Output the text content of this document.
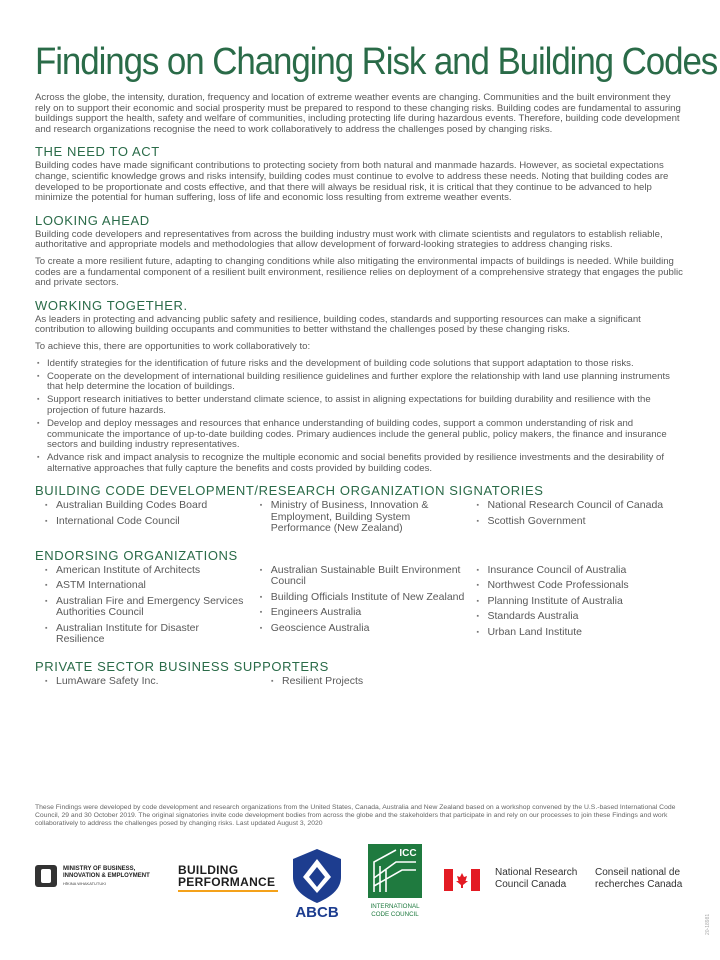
Findings on Changing Risk and Building Codes

Across the globe, the intensity, duration, frequency and location of extreme weather events are changing. Communities and the built environment they rely on to support their economic and social prosperity must be prepared to respond to these changing risks. Building codes are fundamental to assuring buildings support the health, safety and welfare of communities, including protecting life during hazardous events. Therefore, building code development and research organizations recognise the need to work collaboratively to address the challenges posed by changing risks.

THE NEED TO ACT

Building codes have made significant contributions to protecting society from both natural and manmade hazards. However, as societal expectations change, scientific knowledge grows and risks intensify, building codes must continue to evolve to address these needs. Noting that building codes are developed to be proportionate and costs effective, and that there will always be residual risk, it is critical that they continue to be advanced to help minimize the potential for human suffering, loss of life and economic loss resulting from extreme weather events.

LOOKING AHEAD

Building code developers and representatives from across the building industry must work with climate scientists and regulators to establish reliable, authoritative and appropriate models and methodologies that allow development of forward-looking strategies to address changing risks.

To create a more resilient future, adapting to changing conditions while also mitigating the environmental impacts of buildings is needed. While building codes are a fundamental component of a resilient built environment, resilience relies on deployment of a comprehensive strategy that engages the public and private sectors.

WORKING TOGETHER.

As leaders in protecting and advancing public safety and resilience, building codes, standards and supporting resources can make a significant contribution to allowing building occupants and communities to better withstand the challenges posed by these changing risks.

To achieve this, there are opportunities to work collaboratively to:

▪ Identify strategies for the identification of future risks and the development of building code solutions that support adaptation to those risks.
▪ Cooperate on the development of international building resilience guidelines and further explore the relationship with land use planning instruments that help determine the location of buildings.
▪ Support research initiatives to better understand climate science, to assist in aligning expectations for building durability and resilience with the projection of future hazards.
▪ Develop and deploy messages and resources that enhance understanding of building codes, support a common understanding of risk and communicate the importance of up-to-date building codes. Primary audiences include the general public, policy makers, the finance and insurance sectors and building industry representatives.
▪ Advance risk and impact analysis to recognize the multiple economic and social benefits provided by resilience investments and the desirability of alternative approaches that fully capture the benefits and costs provided by building codes.
BUILDING CODE DEVELOPMENT/RESEARCH ORGANIZATION SIGNATORIES
▪ Australian Building Codes Board
▪ International Code Council
▪ Ministry of Business, Innovation & Employment, Building System Performance (New Zealand)
▪ National Research Council of Canada
▪ Scottish Government
ENDORSING ORGANIZATIONS
▪ American Institute of Architects
▪ ASTM International
▪ Australian Fire and Emergency Services Authorities Council
▪ Australian Institute for Disaster Resilience
▪ Australian Sustainable Built Environment Council
▪ Building Officials Institute of New Zealand
▪ Engineers Australia
▪ Geoscience Australia
▪ Insurance Council of Australia
▪ Northwest Code Professionals
▪ Planning Institute of Australia
▪ Standards Australia
▪ Urban Land Institute
PRIVATE SECTOR BUSINESS SUPPORTERS
▪ LumAware Safety Inc.
▪	Resilient Projects
These Findings were developed by code development and research organizations from the United States, Canada, Australia and New Zealand based on a workshop convened by the U.S.-based International Code Council, 29 and 30 October 2019. The original signatories invite code development bodies from across the globe and the stakeholders that participate in and rely on our processes to join these Findings and work collaboratively to address the challenges posed by changing risks. Last updated August 3, 2020
MINISTRY OF BUSINESS,
INNOVATION & EMPLOYMENT
HĪKINA WHAKATUTUKI
BUILDING
PERFORMANCE
ABCB
ICC
INTERNATIONAL
CODE COUNCIL
National Research
Council Canada
Conseil national de
recherches Canada
20-18981
